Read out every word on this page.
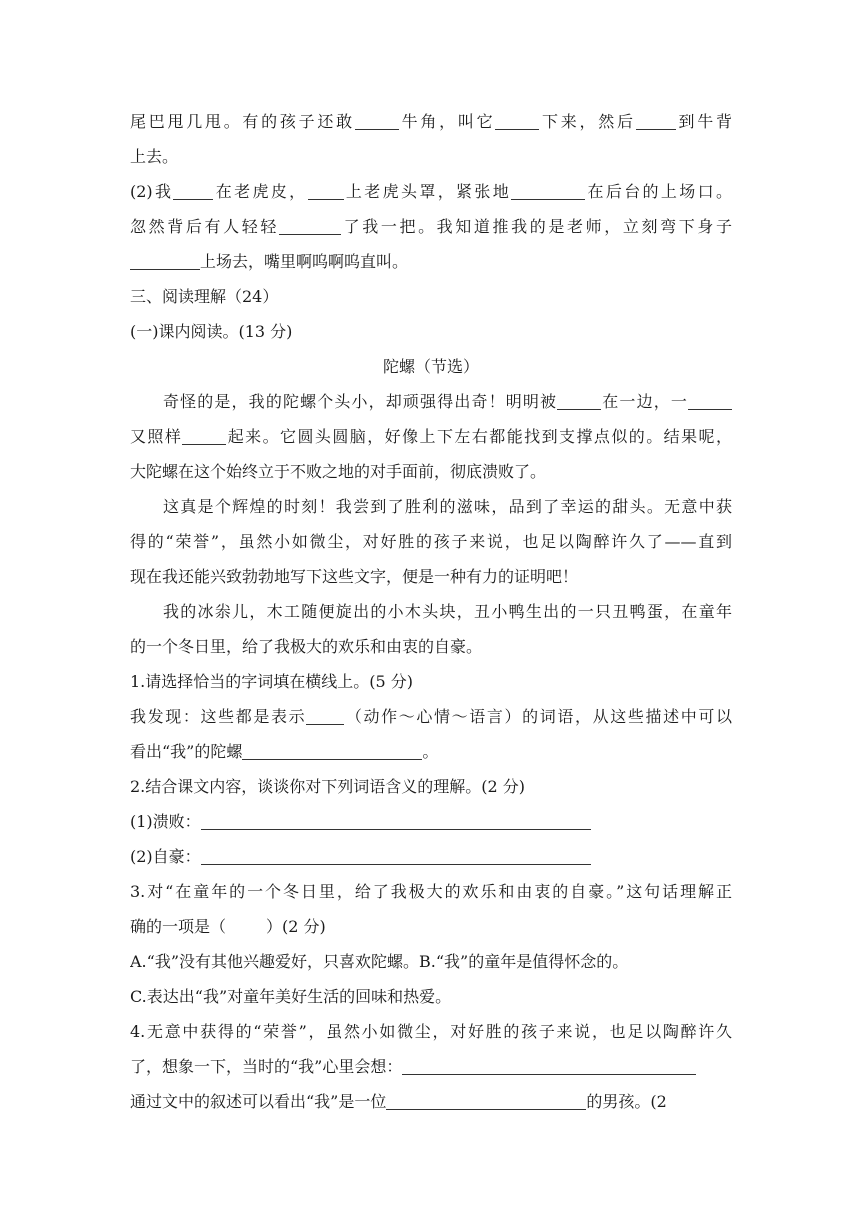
尾巴甩几甩。有的孩子还敢	牛角，叫它	下来，然后	到牛背
上去。
(2)我	在老虎皮， 上老虎头罩，紧张地	在后台的上场口。
忽然背后有人轻轻	了我一把。我知道推我的是老师，立刻弯下身子
上场去，嘴里啊呜啊呜直叫。
三、阅读理解（24）
(一)课内阅读。(13 分)
陀螺（节选）
奇怪的是，我的陀螺个头小，却顽强得出奇！明明被	在一边，一
又照样	起来。它圆头圆脑，好像上下左右都能找到支撑点似的。结果呢，
大陀螺在这个始终立于不败之地的对手面前，彻底溃败了。
这真是个辉煌的时刻！我尝到了胜利的滋味，品到了幸运的甜头。无意中获
得的“荣誉”，虽然小如微尘，对好胜的孩子来说，也足以陶醉许久了——直到
现在我还能兴致勃勃地写下这些文字，便是一种有力的证明吧！
我的冰尜儿，木工随便旋出的小木头块，丑小鸭生出的一只丑鸭蛋，在童年
的一个冬日里，给了我极大的欢乐和由衷的自豪。
1.请选择恰当的字词填在横线上。(5 分)
我发现：这些都是表示 （动作～心情～语言）的词语，从这些描述中可以
看出“我”的陀螺	。
2.结合课文内容，谈谈你对下列词语含义的理解。(2 分)
(1)溃败：
(2)自豪：
3.对“在童年的一个冬日里，给了我极大的欢乐和由衷的自豪。”这句话理解正
确的一项是（	）(2 分)
A.“我”没有其他兴趣爱好，只喜欢陀螺。B.“我”的童年是值得怀念的。
C.表达出“我”对童年美好生活的回味和热爱。
4.无意中获得的“荣誉”，虽然小如微尘，对好胜的孩子来说，也足以陶醉许久
了，想象一下，当时的“我”心里会想：
通过文中的叙述可以看出“我”是一位	的男孩。(2
